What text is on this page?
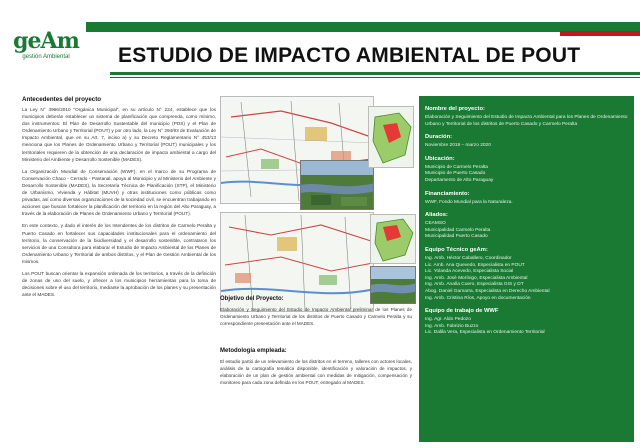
geAm
gestión Ambiental	ESTUDIO DE IMPACTO AMBIENTAL DE POUT
Antecedentes del proyecto

La Ley N° 3966/2010 "Orgánica Municipal", en su artículo N° 224, establece que los municipios deberán establecer un sistema de planificación que comprenda, como mínimo, dos instrumentos: El Plan de Desarrollo Sustentable del municipio (PDS) y el Plan de Ordenamiento Urbano y Territorial (POUT) y por otro lado, la Ley N° 294/93 de Evaluación de Impacto Ambiental, que en su Art. 7, inciso a) y su Decreto Reglamentario N° 453/13 menciona que los Planes de Ordenamiento Urbano y Territorial (POUT) municipales y los territoriales requieren de la obtención de una declaración de impacto ambiental a cargo del Ministerio del Ambiente y Desarrollo Sostenible (MADES).

La Organización Mundial de Conservación (WWF), en el marco de su Programa de Conservación Chaco - Cerrado - Pantanal, apoya al Municipio y al Ministerio del Ambiente y Desarrollo Sostenible (MADES), la Secretaría Técnica de Planificación (STP), el Ministerio de Urbanismo, Vivienda y Hábitat (MUVH) y otras instituciones como públicas como privadas, así como diversas organizaciones de la sociedad civil, se encuentran trabajando en acciones que buscan fortalecer la planificación del territorio en la región del Alto Paraguay, a través de la elaboración de Planes de Ordenamiento Urbano y Territorial (POUT).

En este contexto, y dado el interés de los Intendentes de los distritos de Carmelo Peralta y Puerto Casado en fortalecer sus capacidades institucionales para el ordenamiento del territorio, la conservación de la biodiversidad y el desarrollo sostenible, contrataron los servicios de una Consultora para elaborar el Estudio de Impacto Ambiental de los Planes de Ordenamiento Urbano y Territorial de ambos distritos, y el Plan de Gestión Ambiental de los mismos.

Los POUT buscan orientar la expansión ordenada de los territorios, a través de la definición de zonas de uso del suelo, y ofrecer a los municipios herramientas para la toma de decisiones sobre el uso del territorio, mediante la aprobación de los planes y su presentación ante el MADES.

Objetivo del Proyecto:
Elaboración y Seguimiento del Estudio de Impacto Ambiental preliminar de los Planes de Ordenamiento Urbano y Territorial de los distritos de Puerto Casado y Carmelo Peralta y su correspondiente presentación ante el MADES.
Metodología empleada:
El estudio partió de un relevamiento de los distritos en el terreno, talleres con actores locales, análisis de la cartografía temática disponible, identificación y valoración de impactos, y elaboración de un plan de gestión ambiental con medidas de mitigación, compensación y monitoreo para cada zona definida en los POUT, entregado al MADES.
Nombre del proyecto:
Elaboración y Seguimiento del Estudio de Impacto Ambiental para los Planes de Ordenamiento Urbano y Territorial de los distritos de Puerto Casado y Carmelo Peralta
Duración:
Noviembre 2019 – marzo 2020
Ubicación:
Municipio de Carmelo Peralta
Municipio de Puerto Casado
Departamento de Alto Paraguay
Financiamiento:
WWF, Fondo Mundial para la Naturaleza.
Aliados:
CEAMSO
Municipalidad Carmelo Peralta
Municipalidad Puerto Casado
Equipo Técnico geAm:
Ing. Amb. Héctor Caballero, Coordinador
Lic. Amb. Ana Quevedo, Especialista en POUT
Lic. Yolanda Acevedo, Especialista Social
Ing. Amb. José Morínigo, Especialista Ambiental
Ing. Amb. Analía Cuero, Especialista GIS y DT
Abog. Daniel Gamarra, Especialista en Derecho Ambiental
Ing. Amb. Cristina Ríos, Apoyo en documentación
Equipo de trabajo de WWF
Ing. Agr. Aldo Pedozo
Ing. Amb. Fabrizio Buzzo
Lic. Dalila Vera, Especialista en Ordenamiento Territorial
